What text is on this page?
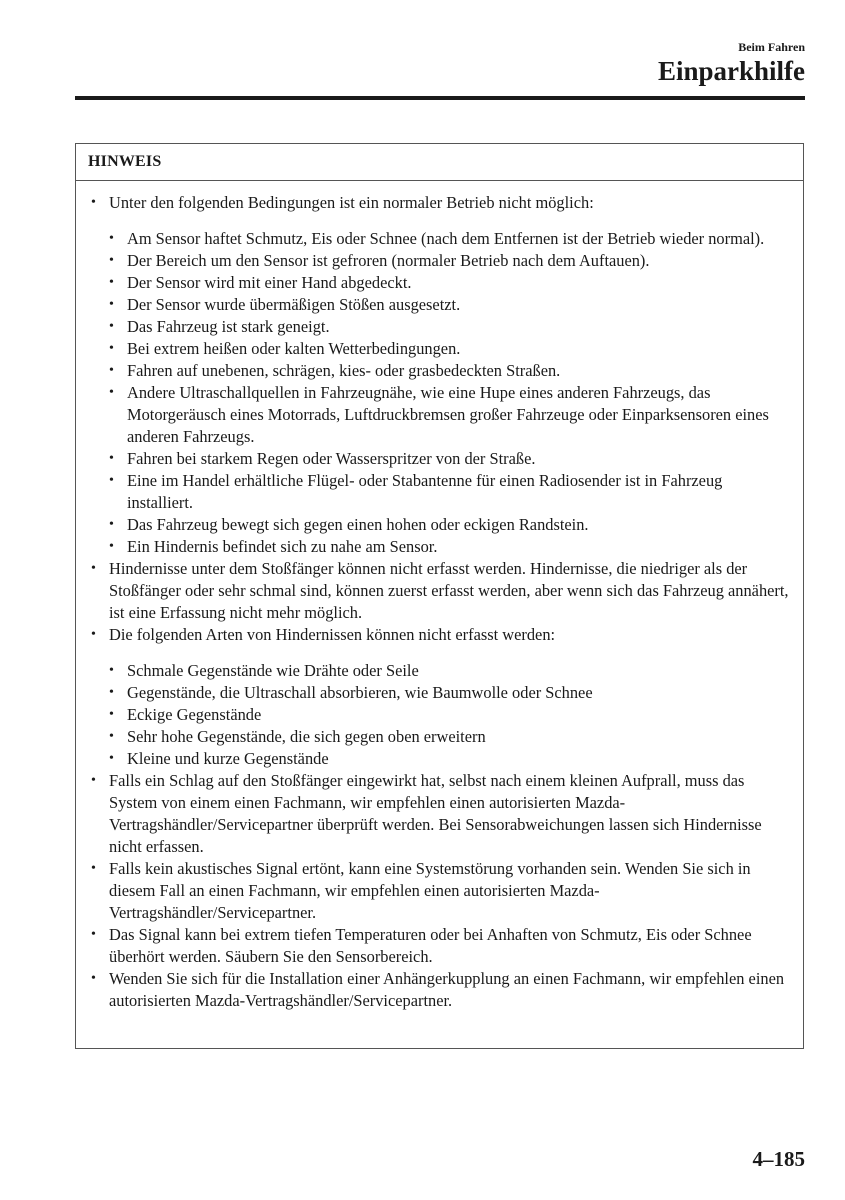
Beim Fahren
Einparkhilfe
HINWEIS
• Unter den folgenden Bedingungen ist ein normaler Betrieb nicht möglich:
• Am Sensor haftet Schmutz, Eis oder Schnee (nach dem Entfernen ist der Betrieb wieder normal).
• Der Bereich um den Sensor ist gefroren (normaler Betrieb nach dem Auftauen).
• Der Sensor wird mit einer Hand abgedeckt.
• Der Sensor wurde übermäßigen Stößen ausgesetzt.
• Das Fahrzeug ist stark geneigt.
• Bei extrem heißen oder kalten Wetterbedingungen.
• Fahren auf unebenen, schrägen, kies- oder grasbedeckten Straßen.
• Andere Ultraschallquellen in Fahrzeugnähe, wie eine Hupe eines anderen Fahrzeugs, das Motorgeräusch eines Motorrads, Luftdruckbremsen großer Fahrzeuge oder Einparksensoren eines anderen Fahrzeugs.
• Fahren bei starkem Regen oder Wasserspritzer von der Straße.
• Eine im Handel erhältliche Flügel- oder Stabantenne für einen Radiosender ist in Fahrzeug installiert.
• Das Fahrzeug bewegt sich gegen einen hohen oder eckigen Randstein.
• Ein Hindernis befindet sich zu nahe am Sensor.
• Hindernisse unter dem Stoßfänger können nicht erfasst werden. Hindernisse, die niedriger als der Stoßfänger oder sehr schmal sind, können zuerst erfasst werden, aber wenn sich das Fahrzeug annähert, ist eine Erfassung nicht mehr möglich.
• Die folgenden Arten von Hindernissen können nicht erfasst werden:
• Schmale Gegenstände wie Drähte oder Seile
• Gegenstände, die Ultraschall absorbieren, wie Baumwolle oder Schnee
• Eckige Gegenstände
• Sehr hohe Gegenstände, die sich gegen oben erweitern
• Kleine und kurze Gegenstände
• Falls ein Schlag auf den Stoßfänger eingewirkt hat, selbst nach einem kleinen Aufprall, muss das System von einem einen Fachmann, wir empfehlen einen autorisierten Mazda-Vertragshändler/Servicepartner überprüft werden. Bei Sensorabweichungen lassen sich Hindernisse nicht erfassen.
• Falls kein akustisches Signal ertönt, kann eine Systemstörung vorhanden sein. Wenden Sie sich in diesem Fall an einen Fachmann, wir empfehlen einen autorisierten Mazda-Vertragshändler/Servicepartner.
• Das Signal kann bei extrem tiefen Temperaturen oder bei Anhaften von Schmutz, Eis oder Schnee überhört werden. Säubern Sie den Sensorbereich.
• Wenden Sie sich für die Installation einer Anhängerkupplung an einen Fachmann, wir empfehlen einen autorisierten Mazda-Vertragshändler/Servicepartner.
4–185
